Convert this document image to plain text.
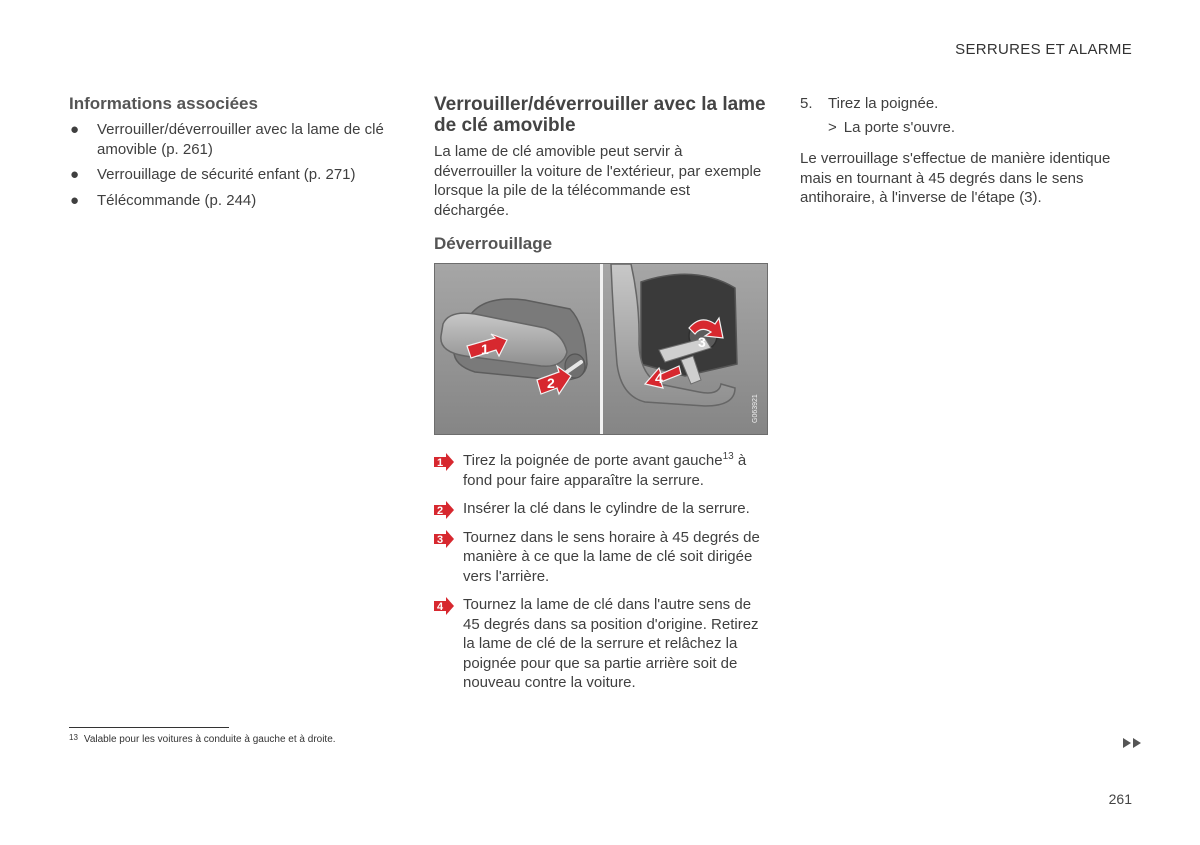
SERRURES ET ALARME
Informations associées
● Verrouiller/déverrouiller avec la lame de clé amovible (p. 261)
● Verrouillage de sécurité enfant (p. 271)
● Télécommande (p. 244)
Verrouiller/déverrouiller avec la lame de clé amovible

La lame de clé amovible peut servir à déverrouiller la voiture de l'extérieur, par exemple lorsque la pile de la télécommande est déchargée.

Déverrouillage
1
2
3
4
G063921
1 Tirez la poignée de porte avant gauche$^{13}$ à fond pour faire apparaître la serrure.
2 Insérer la clé dans le cylindre de la serrure.
3 Tournez dans le sens horaire à 45 degrés de manière à ce que la lame de clé soit dirigée vers l'arrière.
4 Tournez la lame de clé dans l'autre sens de 45 degrés dans sa position d'origine. Retirez la lame de clé de la serrure et relâchez la poignée pour que sa partie arrière soit de nouveau contre la voiture.
5. Tirez la poignée.
> La porte s'ouvre.

Le verrouillage s'effectue de manière identique mais en tournant à 45 degrés dans le sens antihoraire, à l'inverse de l'étape (3).

$^{13}$ Valable pour les voitures à conduite à gauche et à droite.
261
